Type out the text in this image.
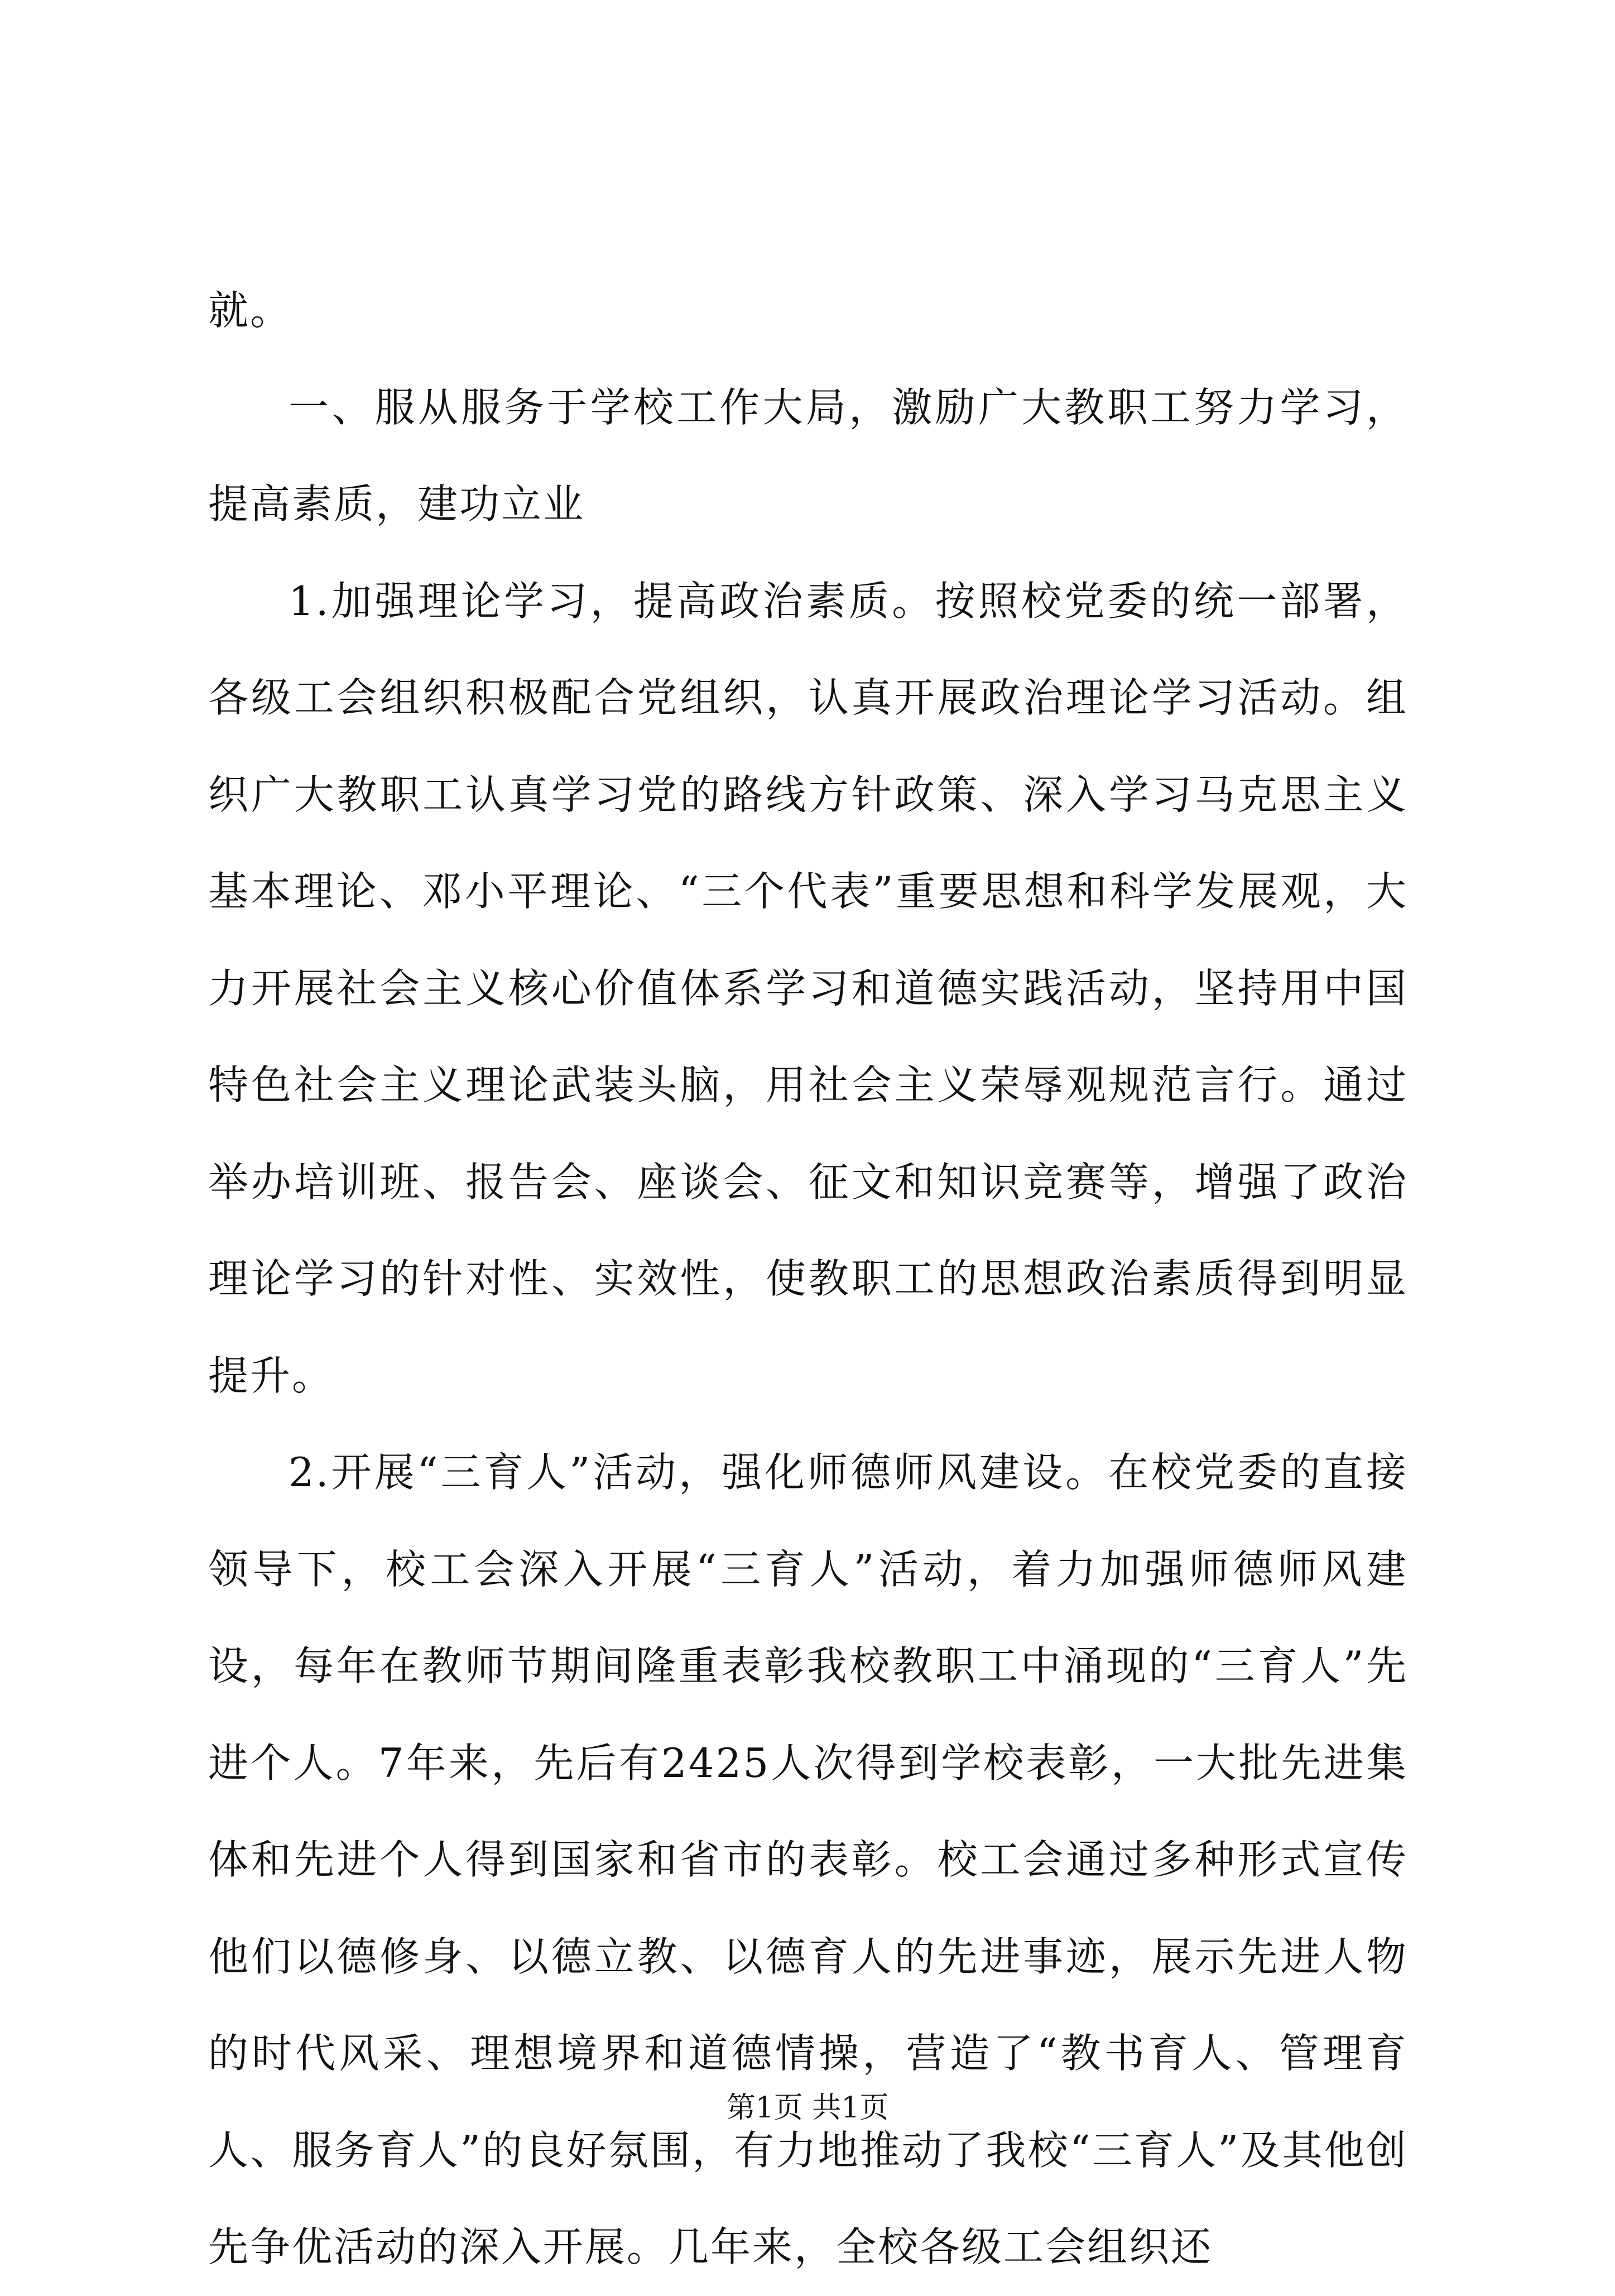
就。

一、服从服务于学校工作大局，激励广大教职工努力学习，提高素质，建功立业

1.加强理论学习，提高政治素质。按照校党委的统一部署，各级工会组织积极配合党组织，认真开展政治理论学习活动。组织广大教职工认真学习党的路线方针政策、深入学习马克思主义基本理论、邓小平理论、“三个代表”重要思想和科学发展观，大力开展社会主义核心价值体系学习和道德实践活动，坚持用中国特色社会主义理论武装头脑，用社会主义荣辱观规范言行。通过举办培训班、报告会、座谈会、征文和知识竞赛等，增强了政治理论学习的针对性、实效性，使教职工的思想政治素质得到明显提升。

2.开展“三育人”活动，强化师德师风建设。在校党委的直接领导下，校工会深入开展“三育人”活动，着力加强师德师风建设，每年在教师节期间隆重表彰我校教职工中涌现的“三育人”先进个人。7年来，先后有2425人次得到学校表彰，一大批先进集体和先进个人得到国家和省市的表彰。校工会通过多种形式宣传他们以德修身、以德立教、以德育人的先进事迹，展示先进人物的时代风采、理想境界和道德情操，营造了“教书育人、管理育人、服务育人”的良好氛围，有力地推动了我校“三育人”及其他创先争优活动的深入开展。几年来，全校各级工会组织还

第1页 共1页
